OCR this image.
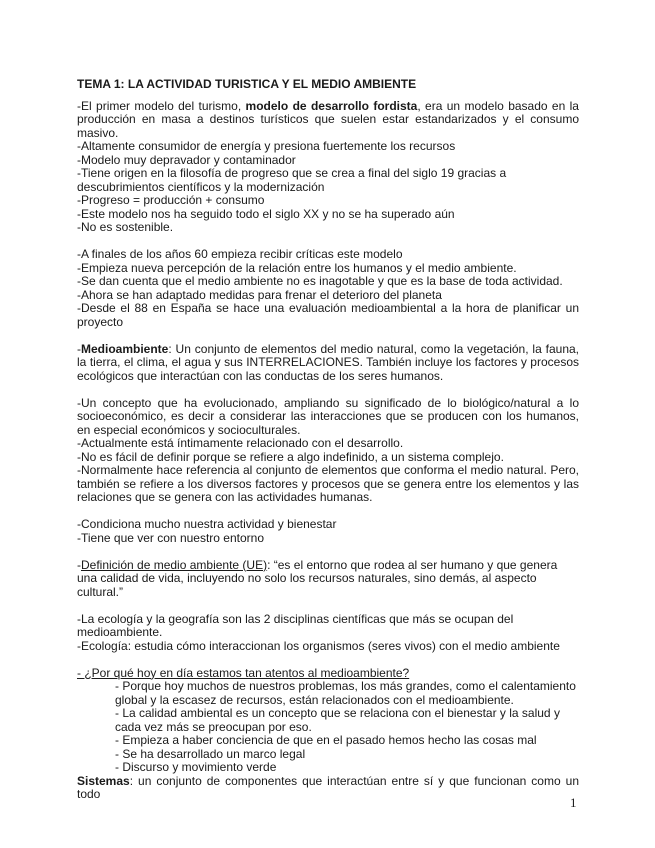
TEMA 1: LA ACTIVIDAD TURISTICA Y EL MEDIO AMBIENTE

-El primer modelo del turismo, modelo de desarrollo fordista, era un modelo basado en la producción en masa a destinos turísticos que suelen estar estandarizados y el consumo masivo.

-Altamente consumidor de energía y presiona fuertemente los recursos

-Modelo muy depravador y contaminador

-Tiene origen en la filosofía de progreso que se crea a final del siglo 19 gracias a descubrimientos científicos y la modernización

-Progreso = producción + consumo

-Este modelo nos ha seguido todo el siglo XX y no se ha superado aún

-No es sostenible.

-A finales de los años 60 empieza recibir críticas este modelo

-Empieza nueva percepción de la relación entre los humanos y el medio ambiente.

-Se dan cuenta que el medio ambiente no es inagotable y que es la base de toda actividad.

-Ahora se han adaptado medidas para frenar el deterioro del planeta

-Desde el 88 en España se hace una evaluación medioambiental a la hora de planificar un proyecto

-Medioambiente: Un conjunto de elementos del medio natural, como la vegetación, la fauna, la tierra, el clima, el agua y sus INTERRELACIONES. También incluye los factores y procesos ecológicos que interactúan con las conductas de los seres humanos.

-Un concepto que ha evolucionado, ampliando su significado de lo biológico/natural a lo socioeconómico, es decir a considerar las interacciones que se producen con los humanos, en especial económicos y socioculturales.

-Actualmente está íntimamente relacionado con el desarrollo.

-No es fácil de definir porque se refiere a algo indefinido, a un sistema complejo.

-Normalmente hace referencia al conjunto de elementos que conforma el medio natural. Pero, también se refiere a los diversos factores y procesos que se genera entre los elementos y las relaciones que se genera con las actividades humanas.

-Condiciona mucho nuestra actividad y bienestar

-Tiene que ver con nuestro entorno

-Definición de medio ambiente (UE): “es el entorno que rodea al ser humano y que genera una calidad de vida, incluyendo no solo los recursos naturales, sino demás, al aspecto cultural.”

-La ecología y la geografía son las 2 disciplinas científicas que más se ocupan del medioambiente.

-Ecología: estudia cómo interaccionan los organismos (seres vivos) con el medio ambiente

- ¿Por qué hoy en día estamos tan atentos al medioambiente?

- Porque hoy muchos de nuestros problemas, los más grandes, como el calentamiento global y la escasez de recursos, están relacionados con el medioambiente.

- La calidad ambiental es un concepto que se relaciona con el bienestar y la salud y cada vez más se preocupan por eso.

- Empieza a haber conciencia de que en el pasado hemos hecho las cosas mal

- Se ha desarrollado un marco legal

- Discurso y movimiento verde

Sistemas: un conjunto de componentes que interactúan entre sí y que funcionan como un todo

1
